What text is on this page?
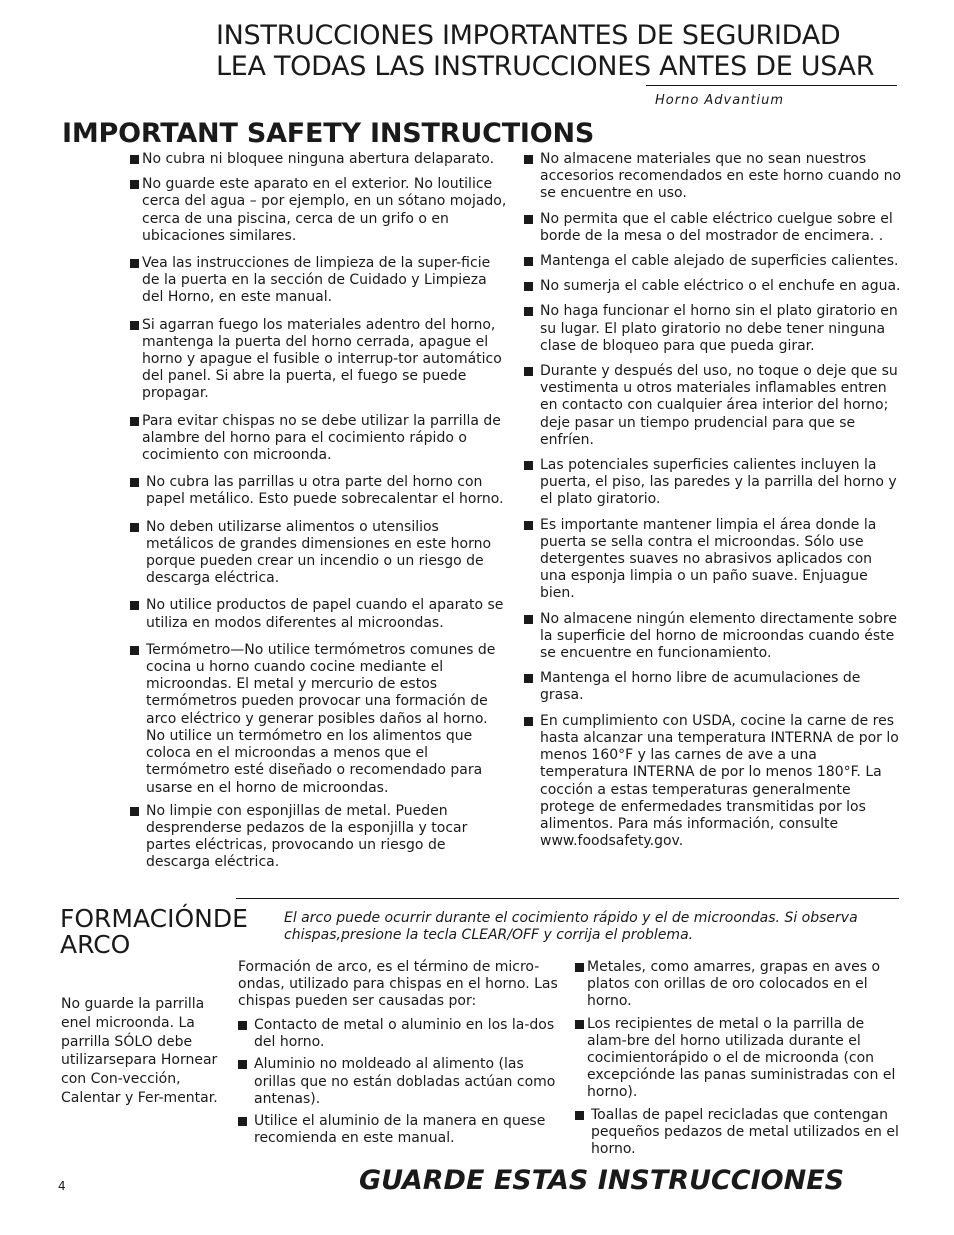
INSTRUCCIONES IMPORTANTES DE SEGURIDAD
LEA TODAS LAS INSTRUCCIONES ANTES DE USAR
Horno Advantium
IMPORTANT SAFETY INSTRUCTIONS
No cubra ni bloquee ninguna abertura delaparato.
No guarde este aparato en el exterior. No loutilice cerca del agua – por ejemplo, en un sótano mojado, cerca de una piscina, cerca de un grifo o en ubicaciones similares.
Vea las instrucciones de limpieza de la super-ficie de la puerta en la sección de Cuidado y Limpieza del Horno, en este manual.
Si agarran fuego los materiales adentro del horno, mantenga la puerta del horno cerrada, apague el horno y apague el fusible o interrup-tor automático del panel. Si abre la puerta, el fuego se puede propagar.
Para evitar chispas no se debe utilizar la parrilla de alambre del horno para el cocimiento rápido o cocimiento con microonda.
No cubra las parrillas u otra parte del horno con papel metálico. Esto puede sobrecalentar el horno.
No deben utilizarse alimentos o utensilios metálicos de grandes dimensiones en este horno porque pueden crear un incendio o un riesgo de descarga eléctrica.
No utilice productos de papel cuando el aparato se utiliza en modos diferentes al microondas.
Termómetro—No utilice termómetros comunes de cocina u horno cuando cocine mediante el microondas. El metal y mercurio de estos termómetros pueden provocar una formación de arco eléctrico y generar posibles daños al horno. No utilice un termómetro en los alimentos que coloca en el microondas a menos que el termómetro esté diseñado o recomendado para usarse en el horno de microondas.
No limpie con esponjillas de metal. Pueden desprenderse pedazos de la esponjilla y tocar partes eléctricas, provocando un riesgo de descarga eléctrica.
No almacene materiales que no sean nuestros accesorios recomendados en este horno cuando no se encuentre en uso.
No permita que el cable eléctrico cuelgue sobre el borde de la mesa o del mostrador de encimera. .
Mantenga el cable alejado de superficies calientes.
No sumerja el cable eléctrico o el enchufe en agua.
No haga funcionar el horno sin el plato giratorio en su lugar. El plato giratorio no debe tener ninguna clase de bloqueo para que pueda girar.
Durante y después del uso, no toque o deje que su vestimenta u otros materiales inflamables entren en contacto con cualquier área interior del horno; deje pasar un tiempo prudencial para que se enfríen.
Las potenciales superficies calientes incluyen la puerta, el piso, las paredes y la parrilla del horno y el plato giratorio.
Es importante mantener limpia el área donde la puerta se sella contra el microondas. Sólo use detergentes suaves no abrasivos aplicados con una esponja limpia o un paño suave. Enjuague bien.
No almacene ningún elemento directamente sobre la superficie del horno de microondas cuando éste se encuentre en funcionamiento.
Mantenga el horno libre de acumulaciones de grasa.
En cumplimiento con USDA, cocine la carne de res hasta alcanzar una temperatura INTERNA de por lo menos 160°F y las carnes de ave a una temperatura INTERNA de por lo menos 180°F. La cocción a estas temperaturas generalmente protege de enfermedades transmitidas por los alimentos. Para más información, consulte www.foodsafety.gov.
FORMACIÓNDE ARCO
El arco puede ocurrir durante el cocimiento rápido y el de microondas. Si observa chispas,presione la tecla CLEAR/OFF y corrija el problema.
No guarde la parrilla enel microonda. La parrilla SÓLO debe utilizarsepara Hornear con Con-vección, Calentar y Fer-mentar.
Formación de arco, es el término de micro-ondas, utilizado para chispas en el horno. Las chispas pueden ser causadas por:
Contacto de metal o aluminio en los la-dos del horno.
Aluminio no moldeado al alimento (las orillas que no están dobladas actúan como antenas).
Utilice el aluminio de la manera en quese recomienda en este manual.
Metales, como amarres, grapas en aves o platos con orillas de oro colocados en el horno.
Los recipientes de metal o la parrilla de alam-bre del horno utilizada durante el cocimientorápido o el de microonda (con excepciónde las panas suministradas con el horno).
Toallas de papel recicladas que contengan pequeños pedazos de metal utilizados en el horno.
4	GUARDE ESTAS INSTRUCCIONES
